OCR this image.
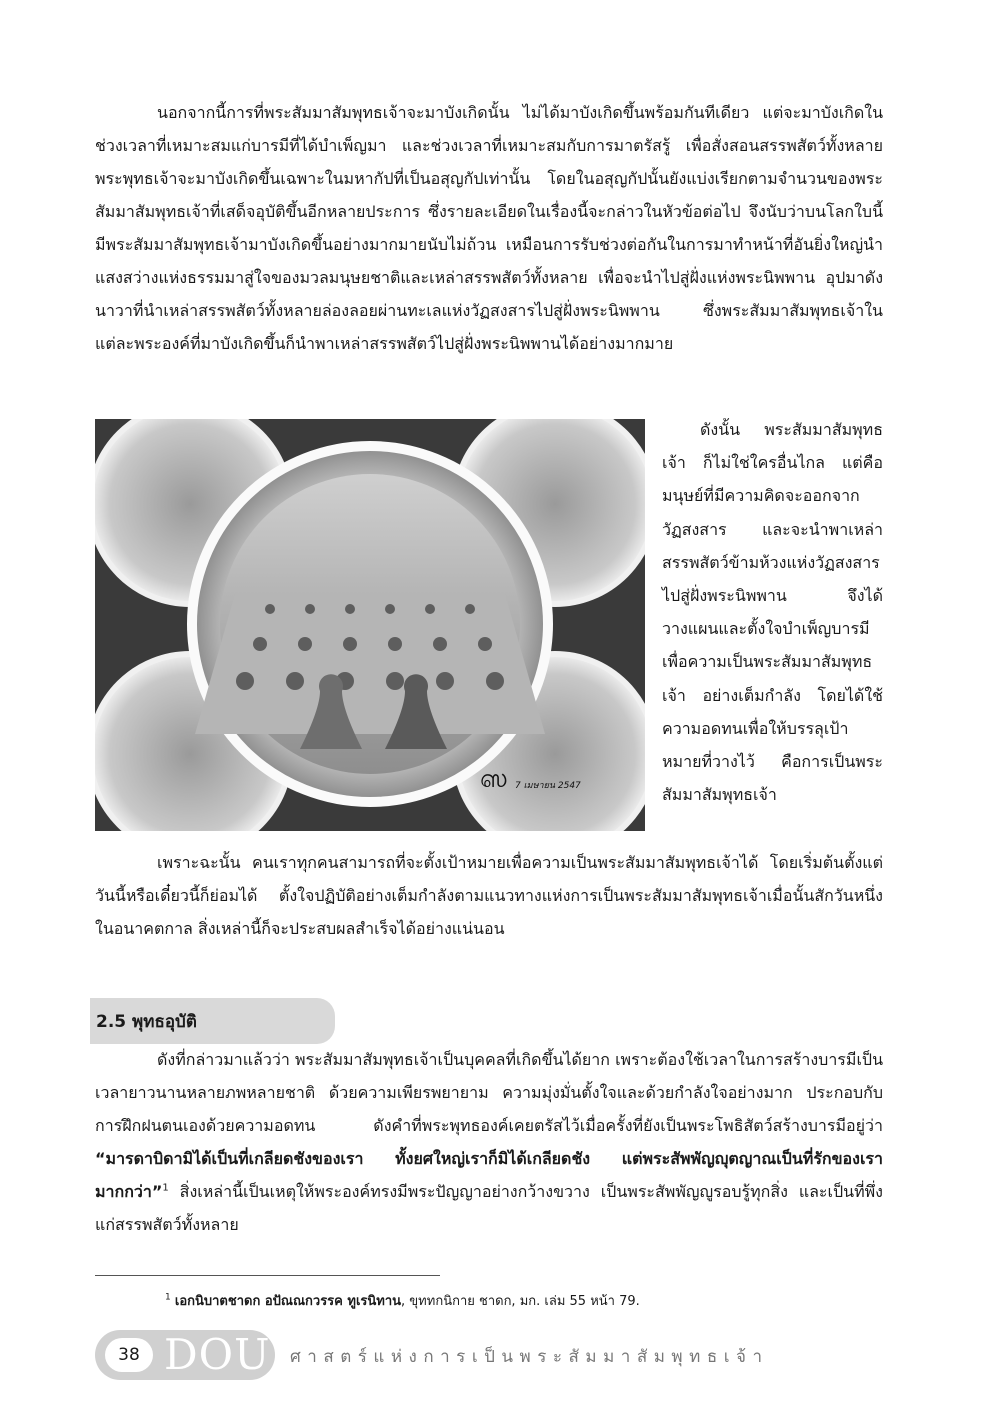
นอกจากนี้การที่พระสัมมาสัมพุทธเจ้าจะมาบังเกิดนั้น ไม่ได้มาบังเกิดขึ้นพร้อมกันทีเดียว แต่จะมาบังเกิดในช่วงเวลาที่เหมาะสมแก่บารมีที่ได้บำเพ็ญมา และช่วงเวลาที่เหมาะสมกับการมาตรัสรู้ เพื่อสั่งสอนสรรพสัตว์ทั้งหลาย พระพุทธเจ้าจะมาบังเกิดขึ้นเฉพาะในมหากัปที่เป็นอสุญกัปเท่านั้น โดยในอสุญกัปนั้นยังแบ่งเรียกตามจำนวนของพระสัมมาสัมพุทธเจ้าที่เสด็จอุบัติขึ้นอีกหลายประการ ซึ่งรายละเอียดในเรื่องนี้จะกล่าวในหัวข้อต่อไป จึงนับว่าบนโลกใบนี้มีพระสัมมาสัมพุทธเจ้ามาบังเกิดขึ้นอย่างมากมายนับไม่ถ้วน เหมือนการรับช่วงต่อกันในการมาทำหน้าที่อันยิ่งใหญ่นำแสงสว่างแห่งธรรมมาสู่ใจของมวลมนุษยชาติและเหล่าสรรพสัตว์ทั้งหลาย เพื่อจะนำไปสู่ฝั่งแห่งพระนิพพาน อุปมาดังนาวาที่นำเหล่าสรรพสัตว์ทั้งหลายล่องลอยผ่านทะเลแห่งวัฏสงสารไปสู่ฝั่งพระนิพพาน ซึ่งพระสัมมาสัมพุทธเจ้าในแต่ละพระองค์ที่มาบังเกิดขึ้นก็นำพาเหล่าสรรพสัตว์ไปสู่ฝั่งพระนิพพานได้อย่างมากมาย

ஸ 7 เมษายน 2547

ดังนั้น พระสัมมาสัมพุทธเจ้า ก็ไม่ใช่ใครอื่นไกล แต่คือมนุษย์ที่มีความคิดจะออกจากวัฏสงสาร และจะนำพาเหล่าสรรพสัตว์ข้ามห้วงแห่งวัฏสงสารไปสู่ฝั่งพระนิพพาน จึงได้วางแผนและตั้งใจบำเพ็ญบารมีเพื่อความเป็นพระสัมมาสัมพุทธเจ้า อย่างเต็มกำลัง โดยได้ใช้ความอดทนเพื่อให้บรรลุเป้าหมายที่วางไว้ คือการเป็นพระสัมมาสัมพุทธเจ้า

เพราะฉะนั้น คนเราทุกคนสามารถที่จะตั้งเป้าหมายเพื่อความเป็นพระสัมมาสัมพุทธเจ้าได้ โดยเริ่มต้นตั้งแต่วันนี้หรือเดี๋ยวนี้ก็ย่อมได้ ตั้งใจปฏิบัติอย่างเต็มกำลังตามแนวทางแห่งการเป็นพระสัมมาสัมพุทธเจ้าเมื่อนั้นสักวันหนึ่งในอนาคตกาล สิ่งเหล่านี้ก็จะประสบผลสำเร็จได้อย่างแน่นอน

2.5 พุทธอุบัติ

ดังที่กล่าวมาแล้วว่า พระสัมมาสัมพุทธเจ้าเป็นบุคคลที่เกิดขึ้นได้ยาก เพราะต้องใช้เวลาในการสร้างบารมีเป็นเวลายาวนานหลายภพหลายชาติ ด้วยความเพียรพยายาม ความมุ่งมั่นตั้งใจและด้วยกำลังใจอย่างมาก ประกอบกับการฝึกฝนตนเองด้วยความอดทน ดังคำที่พระพุทธองค์เคยตรัสไว้เมื่อครั้งที่ยังเป็นพระโพธิสัตว์สร้างบารมีอยู่ว่า “มารดาบิดามิได้เป็นที่เกลียดชังของเรา ทั้งยศใหญ่เราก็มิได้เกลียดชัง แต่พระสัพพัญญุตญาณเป็นที่รักของเรามากกว่า”$^1$ สิ่งเหล่านี้เป็นเหตุให้พระองค์ทรงมีพระปัญญาอย่างกว้างขวาง เป็นพระสัพพัญญูรอบรู้ทุกสิ่ง และเป็นที่พึ่งแก่สรรพสัตว์ทั้งหลาย

$^1$ เอกนิบาตชาดก อปัณณกวรรค ทูเรนิทาน, ขุททกนิกาย ชาดก, มก. เล่ม 55 หน้า 79.

38 DOU ศาสตร์แห่งการเป็นพระสัมมาสัมพุทธเจ้า
